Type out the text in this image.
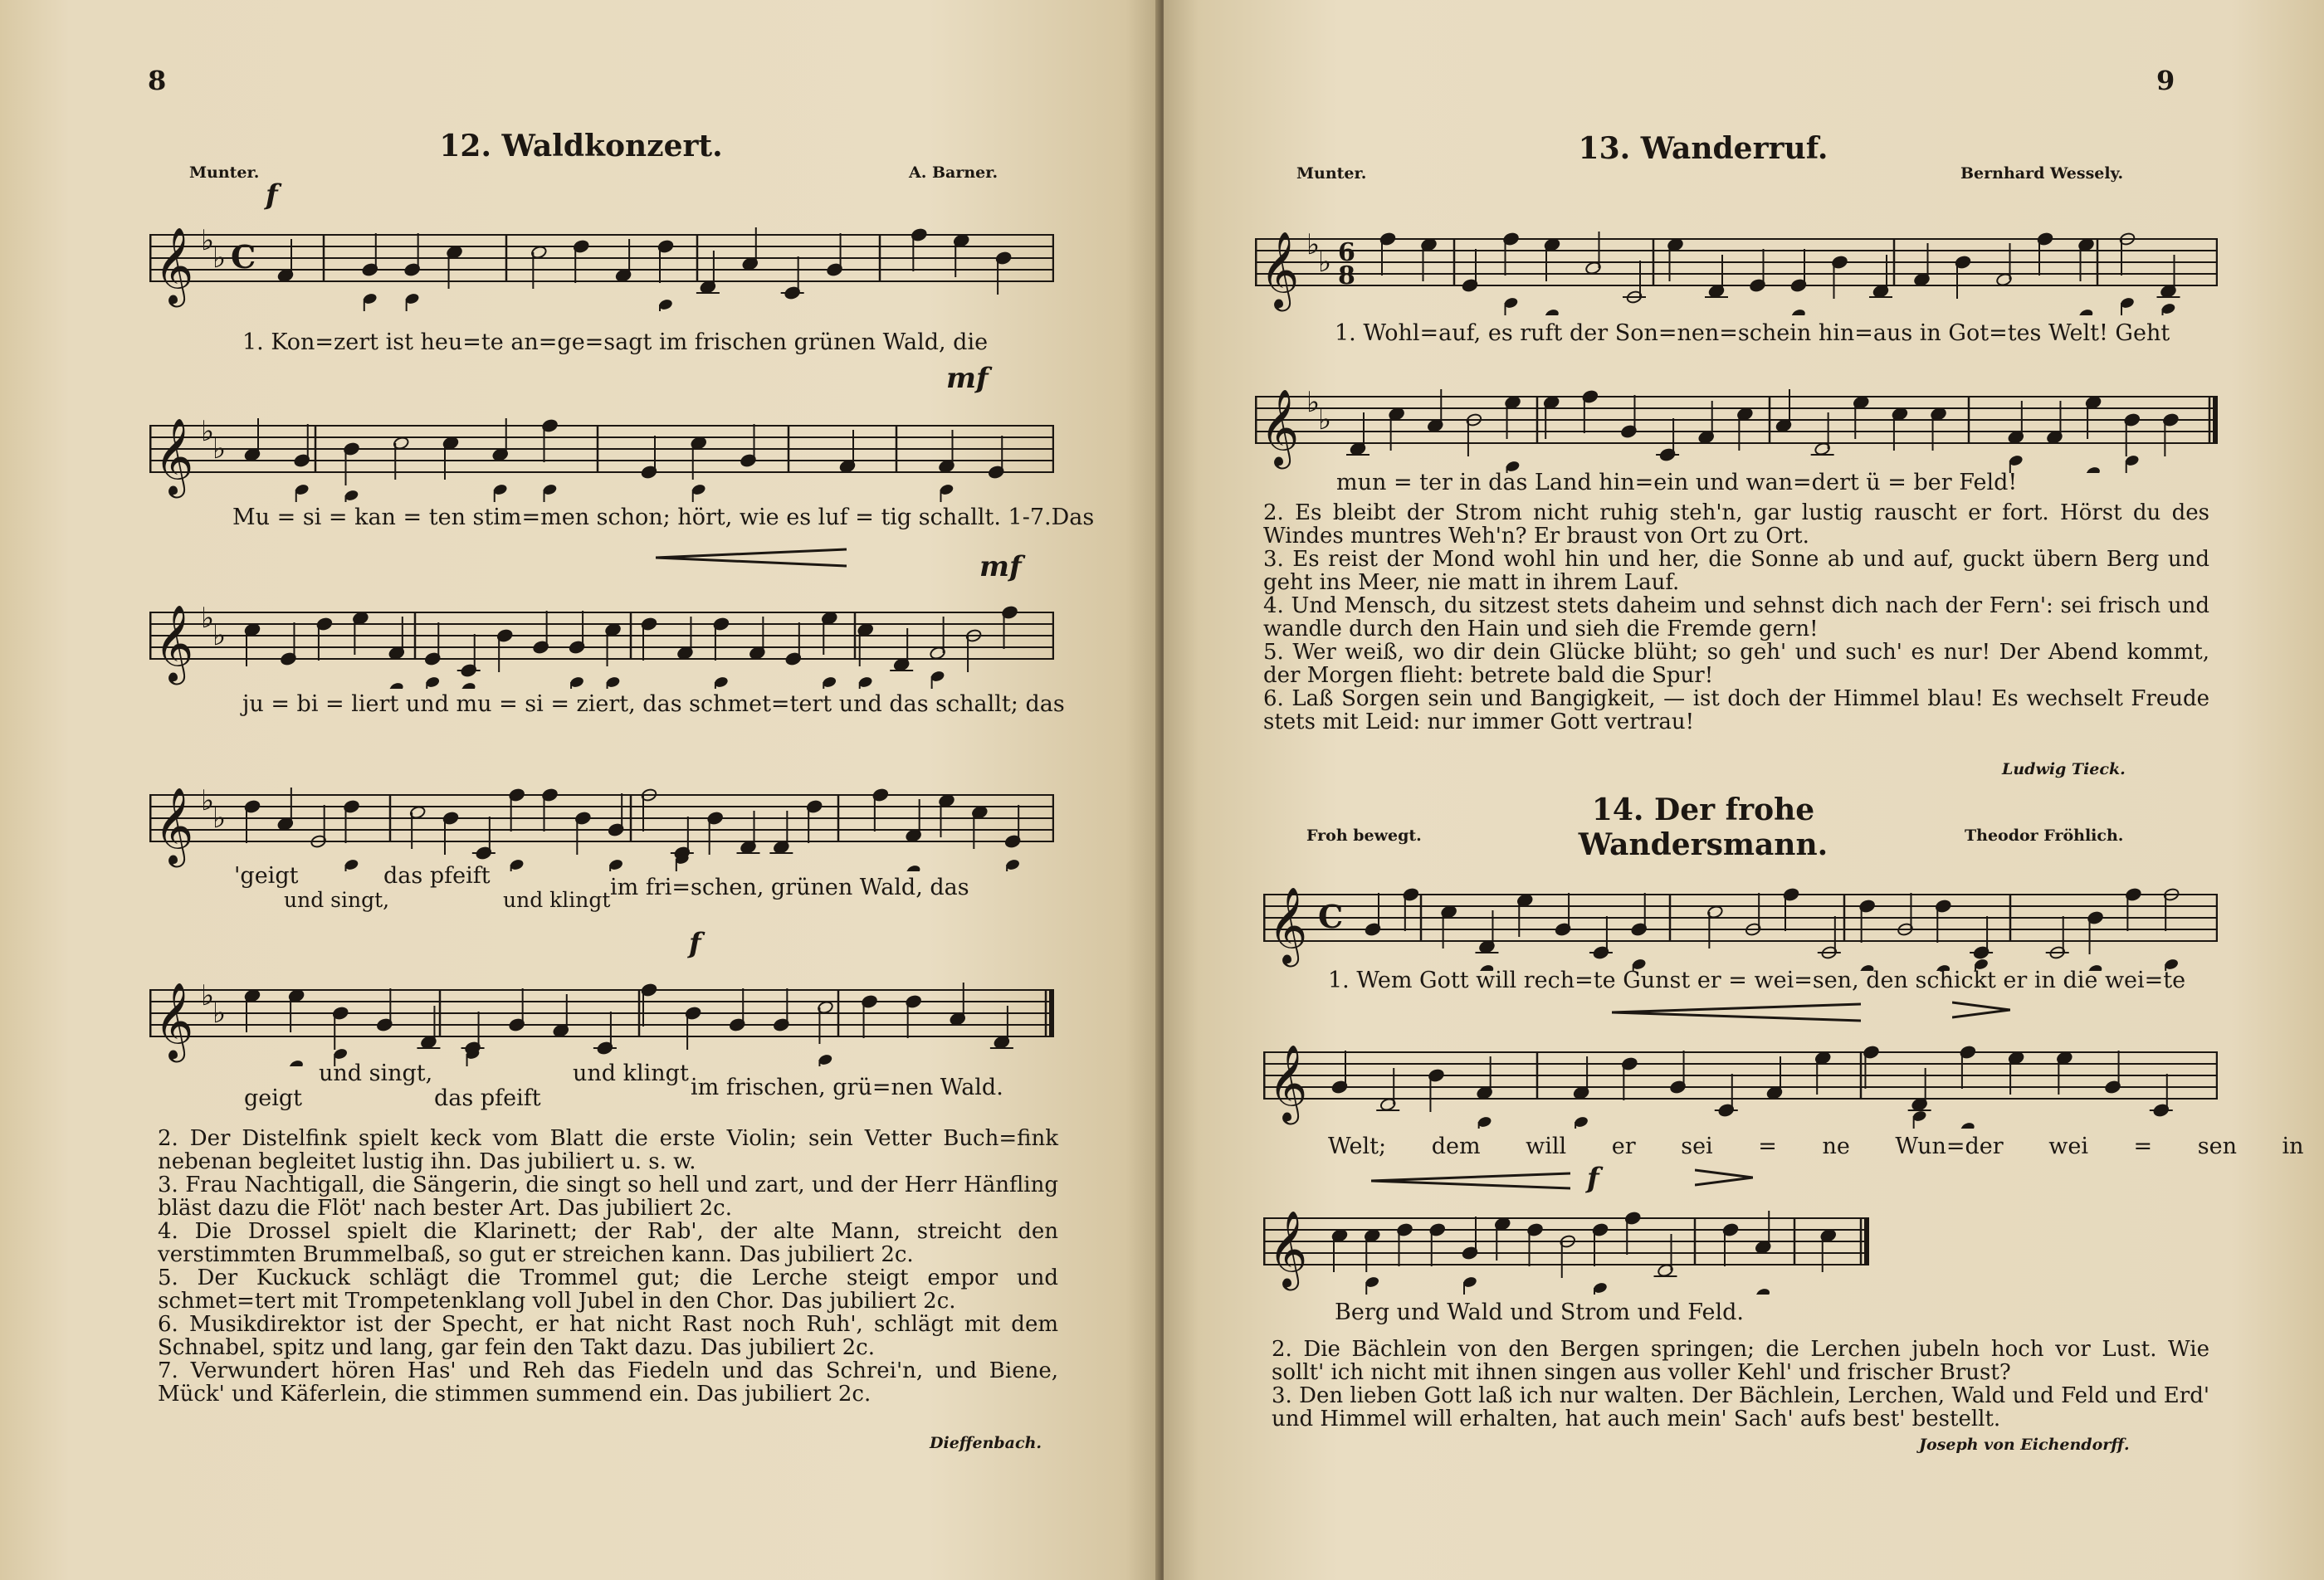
8
12. Waldkonzert.
Munter.	A. Barner.
f
mf
mf
f
𝄞 ♭
♭ C
𝄞 ♭
♭
𝄞 ♭
♭
𝄞 ♭
♭
𝄞 ♭
♭
1. Kon=zert ist heu=te an=ge=sagt im frischen grünen Wald, die
Mu = si = kan = ten stim=men schon; hört, wie es luf = tig schallt. 1-7.Das
ju = bi = liert und mu = si = ziert, das schmet=tert und das schallt; das
'geigt	das pfeift
und singt,	und klingt im fri=schen, grünen Wald, das
und singt,	und klingt
geigt	das pfeift	im frischen, grü=nen Wald.

2. Der Distelfink spielt keck vom Blatt die erste Violin; sein Vetter Buch=fink nebenan begleitet lustig ihn. Das jubiliert u. s. w.

3. Frau Nachtigall, die Sängerin, die singt so hell und zart, und der Herr Hänfling bläst dazu die Flöt' nach bester Art. Das jubiliert 2c.

4. Die Drossel spielt die Klarinett; der Rab', der alte Mann, streicht den verstimmten Brummelbaß, so gut er streichen kann. Das jubiliert 2c.

5. Der Kuckuck schlägt die Trommel gut; die Lerche steigt empor und schmet=tert mit Trompetenklang voll Jubel in den Chor. Das jubiliert 2c.

6. Musikdirektor ist der Specht, er hat nicht Rast noch Ruh', schlägt mit dem Schnabel, spitz und lang, gar fein den Takt dazu. Das jubiliert 2c.

7. Verwundert hören Has' und Reh das Fiedeln und das Schrei'n, und Biene, Mück' und Käferlein, die stimmen summend ein. Das jubiliert 2c.

Dieffenbach.
9
13. Wanderruf.
Munter.	Bernhard Wessely.
𝄞 ♭
♭ 6
8
1. Wohl=auf, es ruft der Son=nen=schein hin=aus in Got=tes Welt! Geht
𝄞 ♭
♭
mun = ter in das Land hin=ein und wan=dert ü = ber Feld!

2. Es bleibt der Strom nicht ruhig steh'n, gar lustig rauscht er fort. Hörst du des Windes muntres Weh'n? Er braust von Ort zu Ort.

3. Es reist der Mond wohl hin und her, die Sonne ab und auf, guckt übern Berg und geht ins Meer, nie matt in ihrem Lauf.

4. Und Mensch, du sitzest stets daheim und sehnst dich nach der Fern': sei frisch und wandle durch den Hain und sieh die Fremde gern!

5. Wer weiß, wo dir dein Glücke blüht; so geh' und such' es nur! Der Abend kommt, der Morgen flieht: betrete bald die Spur!

6. Laß Sorgen sein und Bangigkeit, — ist doch der Himmel blau! Es wechselt Freude stets mit Leid: nur immer Gott vertrau!

Ludwig Tieck.
14. Der frohe Wandersmann.
Froh bewegt.	Theodor Fröhlich.
𝄞 C
1. Wem Gott will rech=te Gunst er = wei=sen, den schickt er in die wei=te
𝄞
Welt; dem will er sei = ne Wun=der wei = sen in
f
𝄞
Berg und Wald und Strom und Feld.

2. Die Bächlein von den Bergen springen; die Lerchen jubeln hoch vor Lust. Wie sollt' ich nicht mit ihnen singen aus voller Kehl' und frischer Brust?

3. Den lieben Gott laß ich nur walten. Der Bächlein, Lerchen, Wald und Feld und Erd' und Himmel will erhalten, hat auch mein' Sach' aufs best' bestellt.

Joseph von Eichendorff.
